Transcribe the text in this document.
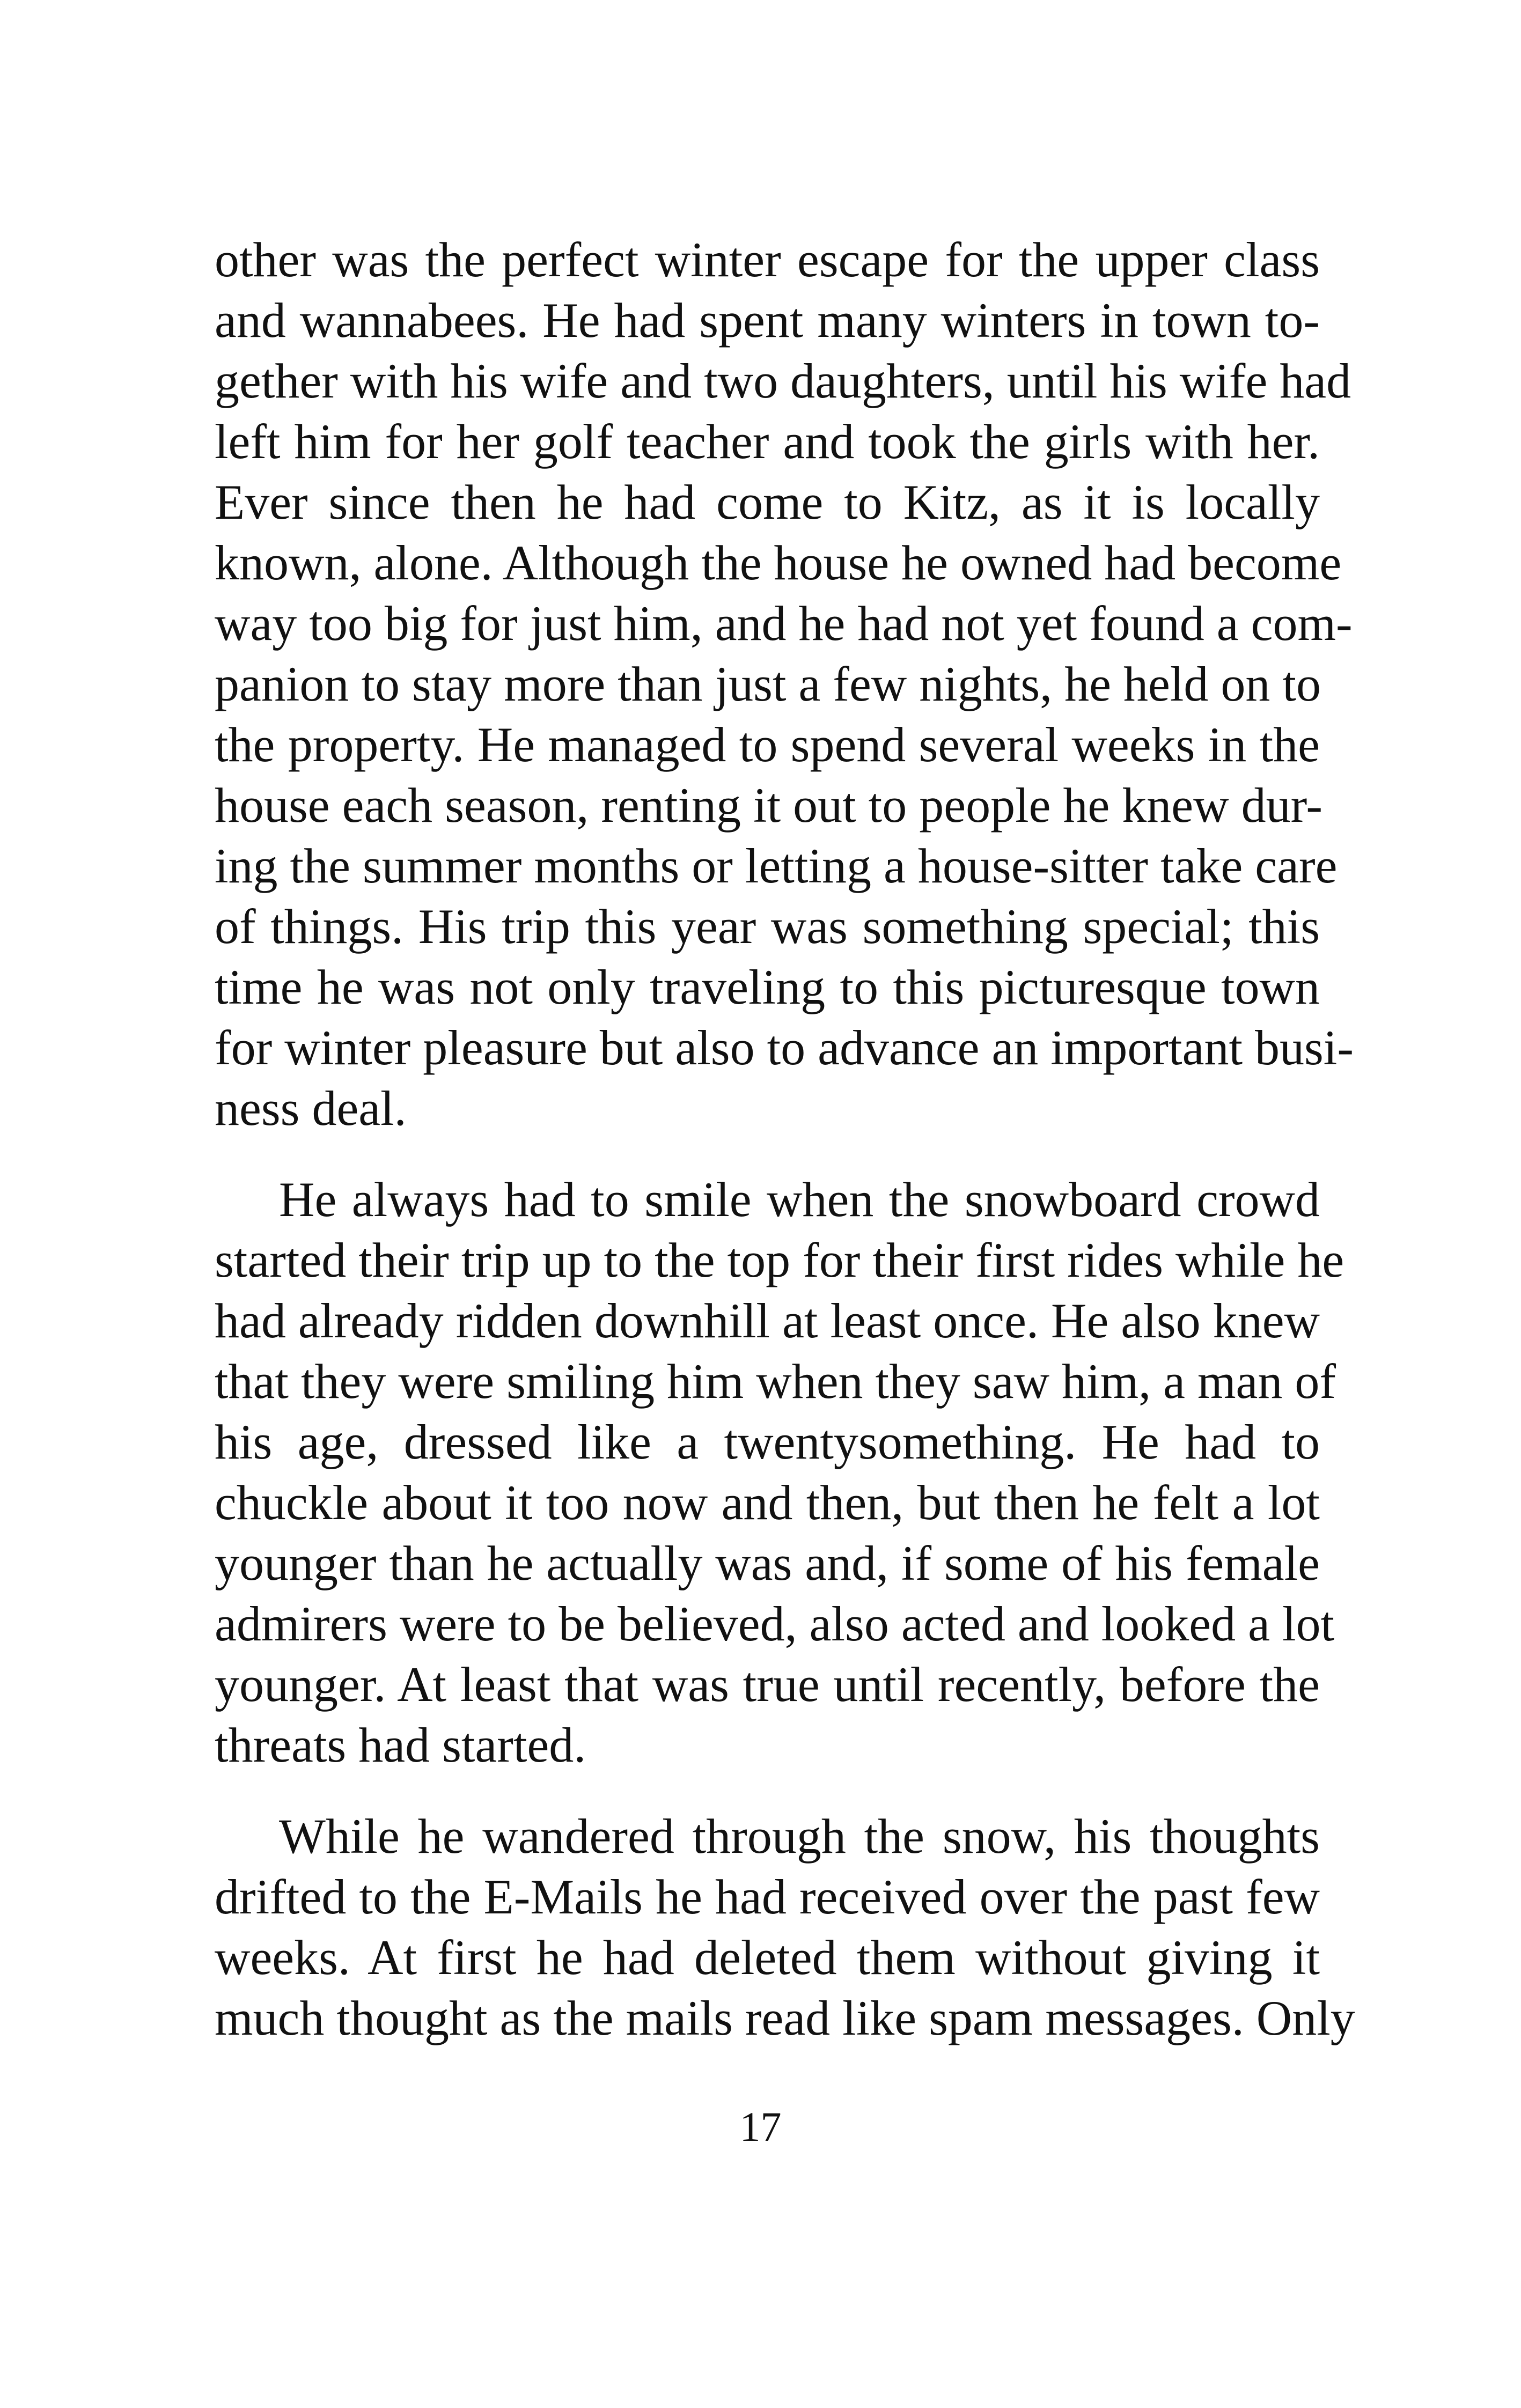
other was the perfect winter escape for the upper class
and wannabees. He had spent many winters in town to-
gether with his wife and two daughters, until his wife had
left him for her golf teacher and took the girls with her.
Ever since then he had come to Kitz, as it is locally
known, alone. Although the house he owned had become
way too big for just him, and he had not yet found a com-
panion to stay more than just a few nights, he held on to
the property. He managed to spend several weeks in the
house each season, renting it out to people he knew dur-
ing the summer months or letting a house-sitter take care
of things. His trip this year was something special; this
time he was not only traveling to this picturesque town
for winter pleasure but also to advance an important busi-
ness deal.
He always had to smile when the snowboard crowd
started their trip up to the top for their first rides while he
had already ridden downhill at least once. He also knew
that they were smiling him when they saw him, a man of
his age, dressed like a twentysomething. He had to
chuckle about it too now and then, but then he felt a lot
younger than he actually was and, if some of his female
admirers were to be believed, also acted and looked a lot
younger. At least that was true until recently, before the
threats had started.
While he wandered through the snow, his thoughts
drifted to the E-Mails he had received over the past few
weeks. At first he had deleted them without giving it
much thought as the mails read like spam messages. Only
17
